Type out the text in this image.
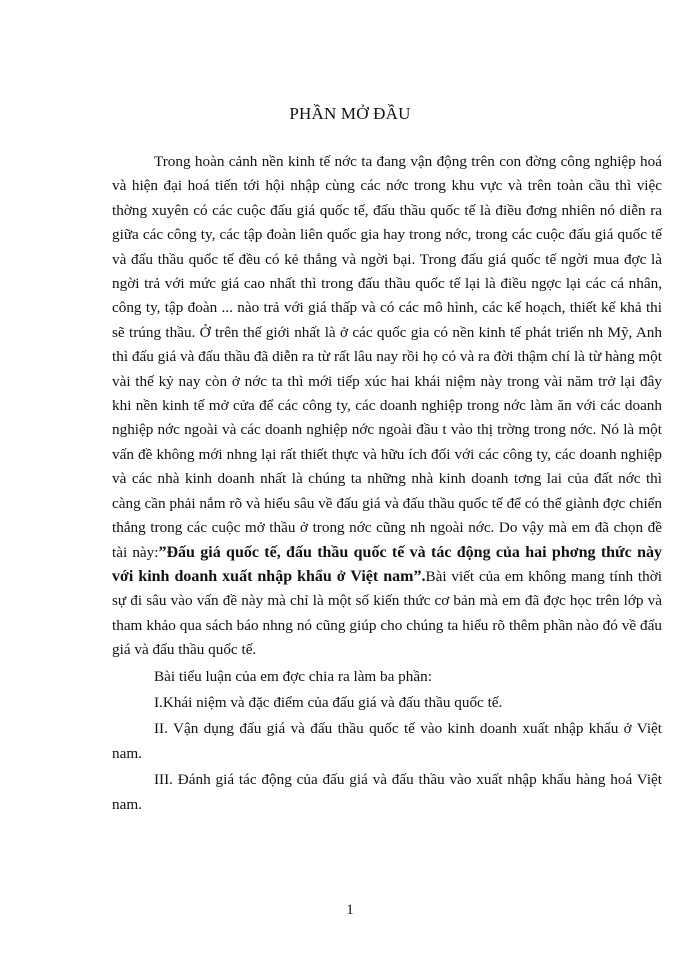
PHẦN MỞ ĐẦU

Trong hoàn cảnh nền kinh tế nớc ta đang vận động trên con đờng công nghiệp hoá và hiện đại hoá tiến tới hội nhập cùng các nớc trong khu vực và trên toàn cầu thì việc thờng xuyên có các cuộc đấu giá quốc tế, đấu thầu quốc tế là điều đơng nhiên nó diễn ra giữa các công ty, các tập đoàn liên quốc gia hay trong nớc, trong các cuộc đấu giá quốc tế và đấu thầu quốc tế đều có kẻ thắng và ngời bại. Trong đấu giá quốc tế ngời mua đợc là ngời trả với mức giá cao nhất thì trong đấu thầu quốc tế lại là điều ngợc lại các cá nhân, công ty, tập đoàn ... nào trả với giá thấp và có các mô hình, các kế hoạch, thiết kế khả thi sẽ trúng thầu. Ở trên thế giới nhất là ở các quốc gia có nền kinh tế phát triển nh Mỹ, Anh thì đấu giá và đấu thầu đã diễn ra từ rất lâu nay rồi họ có và ra đời thậm chí là từ hàng một vài thế kỷ nay còn ở nớc ta thì mới tiếp xúc hai khái niệm này trong vài năm trở lại đây khi nền kinh tế mở cửa để các công ty, các doanh nghiệp trong nớc làm ăn với các doanh nghiệp nớc ngoài và các doanh nghiệp nớc ngoài đầu t vào thị trờng trong nớc. Nó là một vấn đề không mới nhng lại rất thiết thực và hữu ích đối với các công ty, các doanh nghiệp và các nhà kinh doanh nhất là chúng ta những nhà kinh doanh tơng lai của đất nớc thì càng cần phải nắm rõ và hiểu sâu về đấu giá và đấu thầu quốc tế để có thể giành đợc chiến thắng trong các cuộc mở thầu ở trong nớc cũng nh ngoài nớc. Do vậy mà em đã chọn đề tài này:”Đấu giá quốc tế, đấu thầu quốc tế và tác động của hai phơng thức này với kinh doanh xuất nhập khẩu ở Việt nam”.Bài viết của em không mang tính thời sự đi sâu vào vấn đề này mà chỉ là một số kiến thức cơ bản mà em đã đợc học trên lớp và tham khảo qua sách báo nhng nó cũng giúp cho chúng ta hiểu rõ thêm phần nào đó về đấu giá và đấu thầu quốc tế.

Bài tiểu luận của em đợc chia ra làm ba phần:

I.Khái niệm và đặc điểm của đấu giá và đấu thầu quốc tế.

II. Vận dụng đấu giá và đấu thầu quốc tế vào kinh doanh xuất nhập khẩu ở Việt nam.

III. Đánh giá tác động của đấu giá và đấu thầu vào xuất nhập khẩu hàng hoá Việt nam.

1
